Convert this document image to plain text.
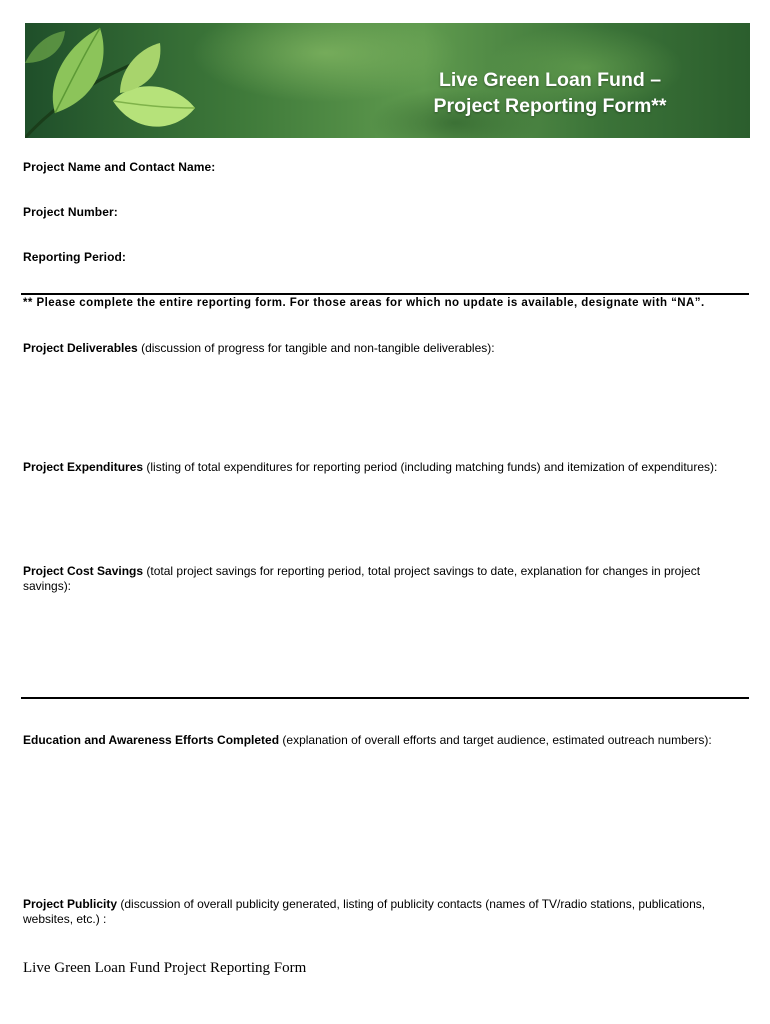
Live Green Loan Fund –
Project Reporting Form**
Project Name and Contact Name:
Project Number:
Reporting Period:
** Please complete the entire reporting form. For those areas for which no update is available, designate with “NA”.
Project Deliverables (discussion of progress for tangible and non-tangible deliverables):
Project Expenditures (listing of total expenditures for reporting period (including matching funds) and itemization of expenditures):
Project Cost Savings (total project savings for reporting period, total project savings to date, explanation for changes in project savings):
Education and Awareness Efforts Completed (explanation of overall efforts and target audience, estimated outreach numbers):
Project Publicity (discussion of overall publicity generated, listing of publicity contacts (names of TV/radio stations, publications, websites, etc.) :
Live Green Loan Fund Project Reporting Form
